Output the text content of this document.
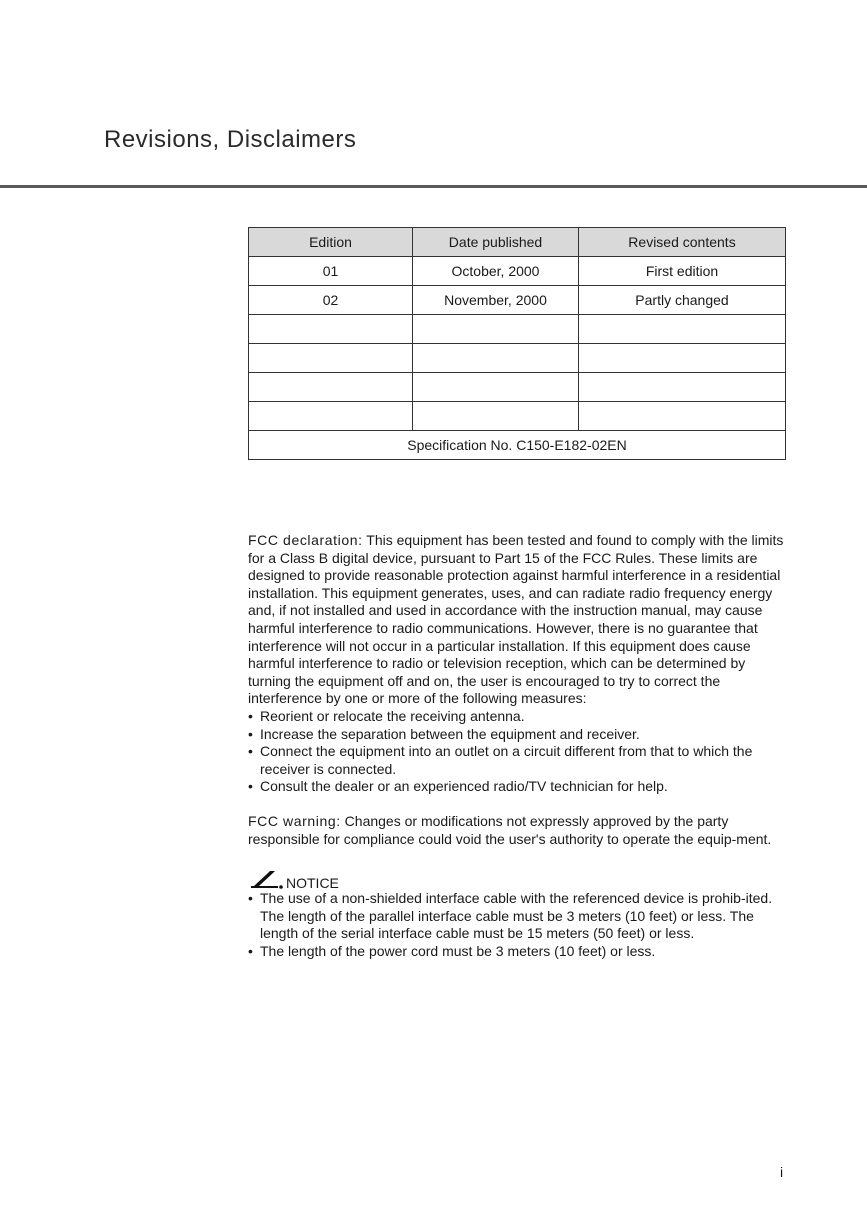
Revisions, Disclaimers
Edition	Date published	Revised contents
01	October, 2000	First edition
02	November, 2000	Partly changed

Specification No. C150-E182-02EN		

FCC declaration: This equipment has been tested and found to comply with the limits for a Class B digital device, pursuant to Part 15 of the FCC Rules. These limits are designed to provide reasonable protection against harmful interference in a residential installation. This equipment generates, uses, and can radiate radio frequency energy and, if not installed and used in accordance with the instruction manual, may cause harmful interference to radio communications. However, there is no guarantee that interference will not occur in a particular installation. If this equipment does cause harmful interference to radio or television reception, which can be determined by turning the equipment off and on, the user is encouraged to try to correct the interference by one or more of the following measures:

• Reorient or relocate the receiving antenna.
• Increase the separation between the equipment and receiver.
• Connect the equipment into an outlet on a circuit different from that to which the receiver is connected.
• Consult the dealer or an experienced radio/TV technician for help.

FCC warning: Changes or modifications not expressly approved by the party responsible for compliance could void the user's authority to operate the equip-ment.

NOTICE
• The use of a non-shielded interface cable with the referenced device is prohib-ited. The length of the parallel interface cable must be 3 meters (10 feet) or less. The length of the serial interface cable must be 15 meters (50 feet) or less.
• The length of the power cord must be 3 meters (10 feet) or less.
i
